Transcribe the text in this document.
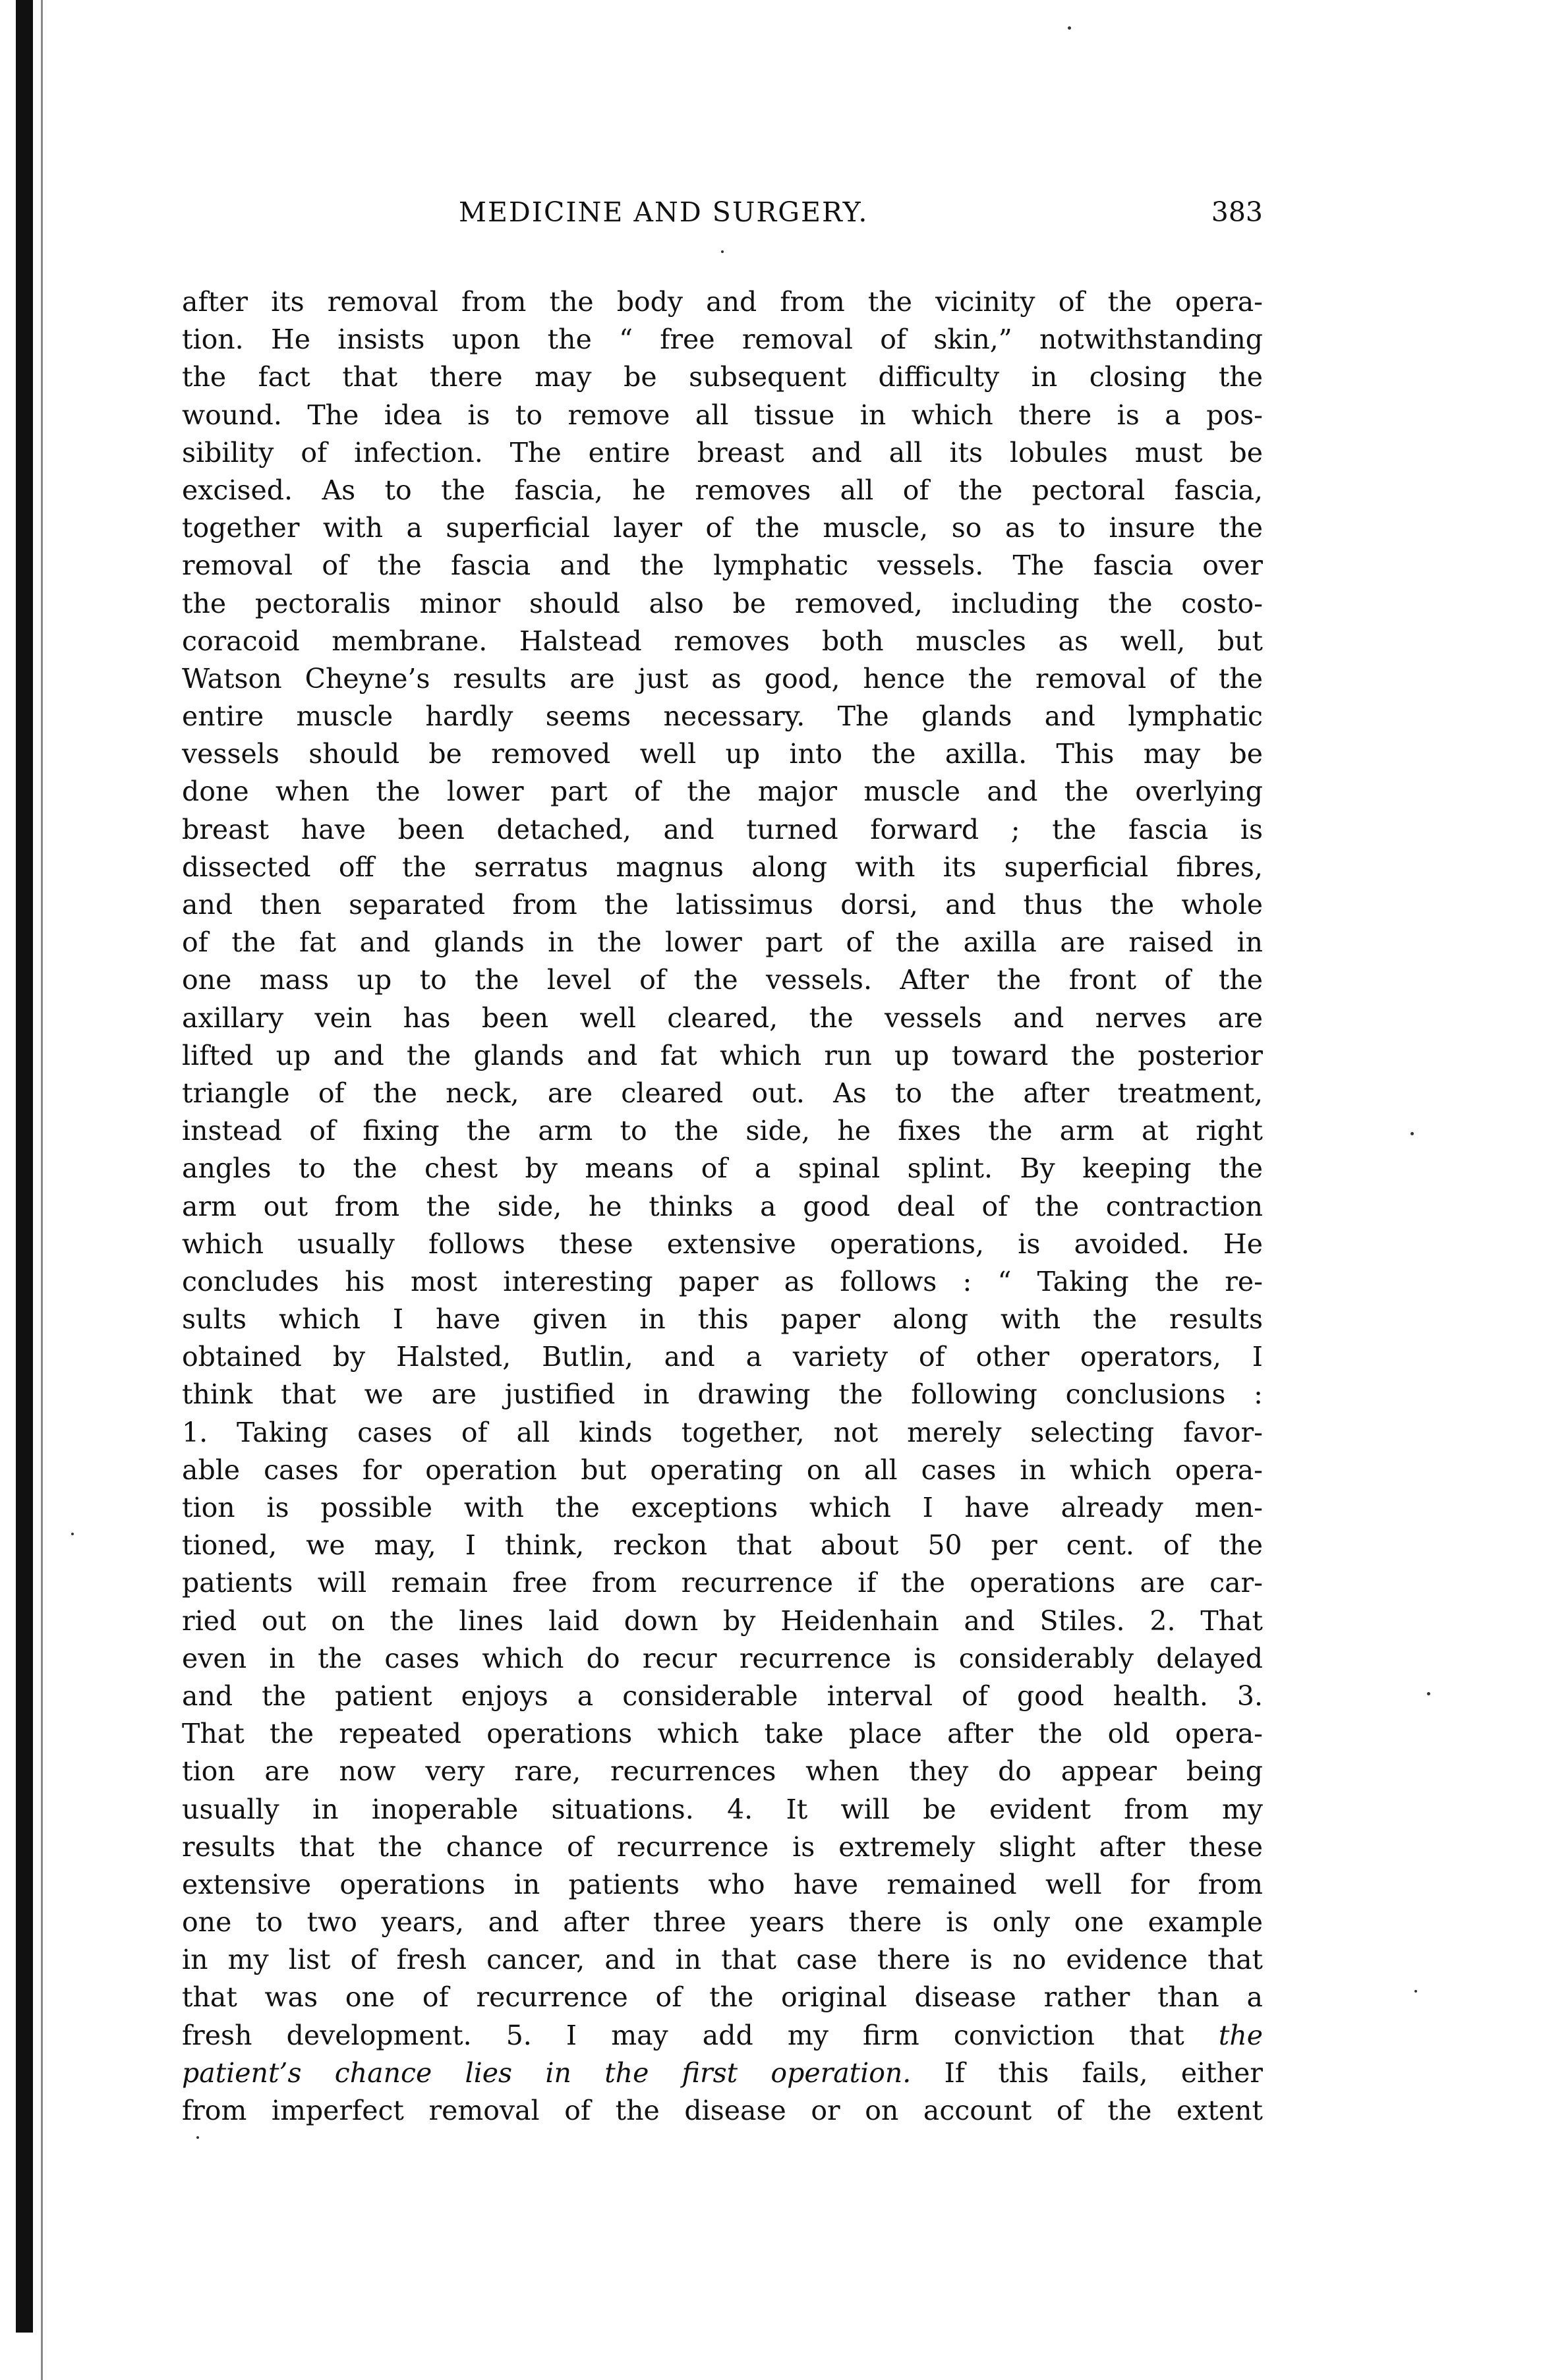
MEDICINE AND SURGERY.	383
after its removal from the body and from the vicinity of the opera-
tion. He insists upon the “ free removal of skin,” notwithstanding
the fact that there may be subsequent difficulty in closing the
wound. The idea is to remove all tissue in which there is a pos-
sibility of infection. The entire breast and all its lobules must be
excised. As to the fascia, he removes all of the pectoral fascia,
together with a superficial layer of the muscle, so as to insure the
removal of the fascia and the lymphatic vessels. The fascia over
the pectoralis minor should also be removed, including the costo-
coracoid membrane. Halstead removes both muscles as well, but
Watson Cheyne’s results are just as good, hence the removal of the
entire muscle hardly seems necessary. The glands and lymphatic
vessels should be removed well up into the axilla. This may be
done when the lower part of the major muscle and the overlying
breast have been detached, and turned forward ; the fascia is
dissected off the serratus magnus along with its superficial fibres,
and then separated from the latissimus dorsi, and thus the whole
of the fat and glands in the lower part of the axilla are raised in
one mass up to the level of the vessels. After the front of the
axillary vein has been well cleared, the vessels and nerves are
lifted up and the glands and fat which run up toward the posterior
triangle of the neck, are cleared out. As to the after treatment,
instead of fixing the arm to the side, he fixes the arm at right
angles to the chest by means of a spinal splint. By keeping the
arm out from the side, he thinks a good deal of the contraction
which usually follows these extensive operations, is avoided. He
concludes his most interesting paper as follows : “ Taking the re-
sults which I have given in this paper along with the results
obtained by Halsted, Butlin, and a variety of other operators, I
think that we are justified in drawing the following conclusions :
1. Taking cases of all kinds together, not merely selecting favor-
able cases for operation but operating on all cases in which opera-
tion is possible with the exceptions which I have already men-
tioned, we may, I think, reckon that about 50 per cent. of the
patients will remain free from recurrence if the operations are car-
ried out on the lines laid down by Heidenhain and Stiles. 2. That
even in the cases which do recur recurrence is considerably delayed
and the patient enjoys a considerable interval of good health. 3.
That the repeated operations which take place after the old opera-
tion are now very rare, recurrences when they do appear being
usually in inoperable situations. 4. It will be evident from my
results that the chance of recurrence is extremely slight after these
extensive operations in patients who have remained well for from
one to two years, and after three years there is only one example
in my list of fresh cancer, and in that case there is no evidence that
that was one of recurrence of the original disease rather than a
fresh development. 5. I may add my firm conviction that the
patient’s chance lies in the first operation. If this fails, either
from imperfect removal of the disease or on account of the extent
